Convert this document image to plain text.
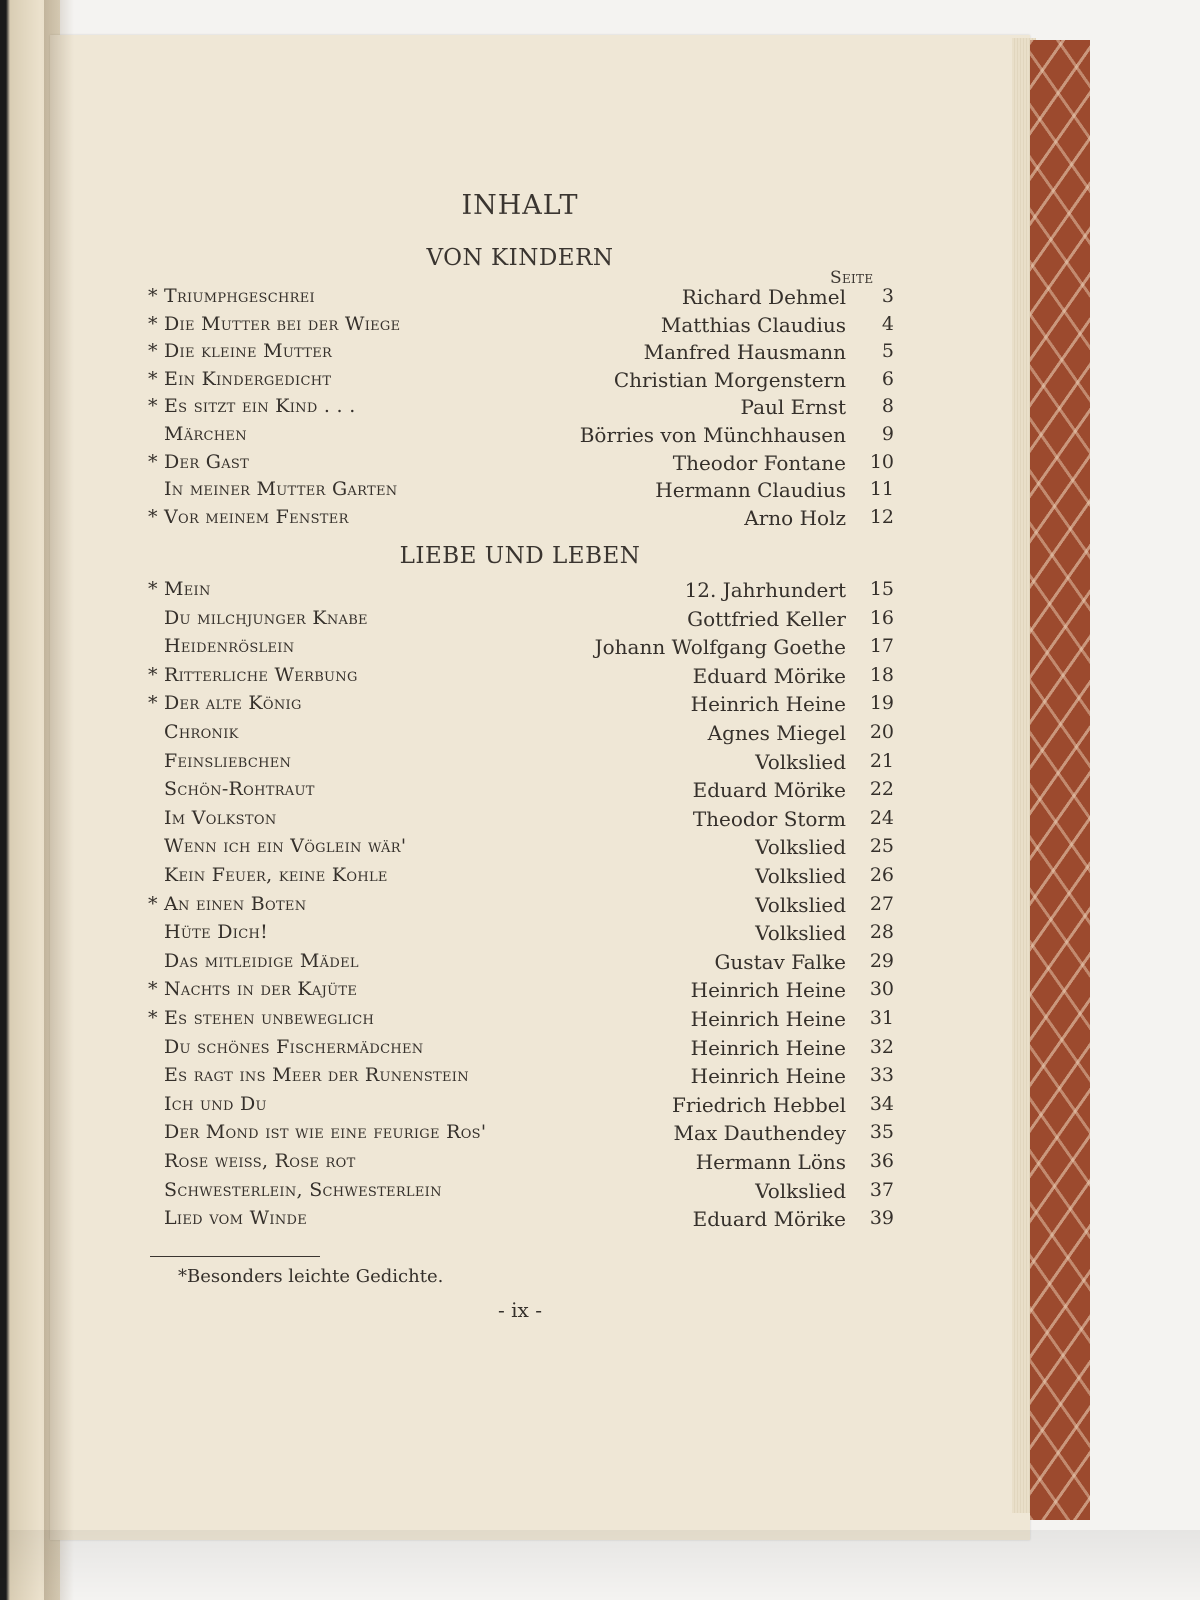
INHALT
Seite
VON KINDERN
* Triumphgeschrei	Richard Dehmel	3
* Die Mutter bei der Wiege	Matthias Claudius	4
* Die kleine Mutter	Manfred Hausmann	5
* Ein Kindergedicht	Christian Morgenstern	6
* Es sitzt ein Kind . . .	Paul Ernst	8
Märchen	Börries von Münchhausen	9
* Der Gast	Theodor Fontane	10
In meiner Mutter Garten	Hermann Claudius	11
* Vor meinem Fenster	Arno Holz	12
LIEBE UND LEBEN
* Mein	12. Jahrhundert	15
Du milchjunger Knabe	Gottfried Keller	16
Heidenröslein	Johann Wolfgang Goethe	17
* Ritterliche Werbung	Eduard Mörike	18
* Der alte König	Heinrich Heine	19
Chronik	Agnes Miegel	20
Feinsliebchen	Volkslied	21
Schön-Rohtraut	Eduard Mörike	22
Im Volkston	Theodor Storm	24
Wenn ich ein Vöglein wär'	Volkslied	25
Kein Feuer, keine Kohle	Volkslied	26
* An einen Boten	Volkslied	27
Hüte Dich!	Volkslied	28
Das mitleidige Mädel	Gustav Falke	29
* Nachts in der Kajüte	Heinrich Heine	30
* Es stehen unbeweglich	Heinrich Heine	31
Du schönes Fischermädchen	Heinrich Heine	32
Es ragt ins Meer der Runenstein	Heinrich Heine	33
Ich und Du	Friedrich Hebbel	34
Der Mond ist wie eine feurige Ros'	Max Dauthendey	35
Rose weiss, Rose rot	Hermann Löns	36
Schwesterlein, Schwesterlein	Volkslied	37
Lied vom Winde	Eduard Mörike	39
*Besonders leichte Gedichte.
- ix -
